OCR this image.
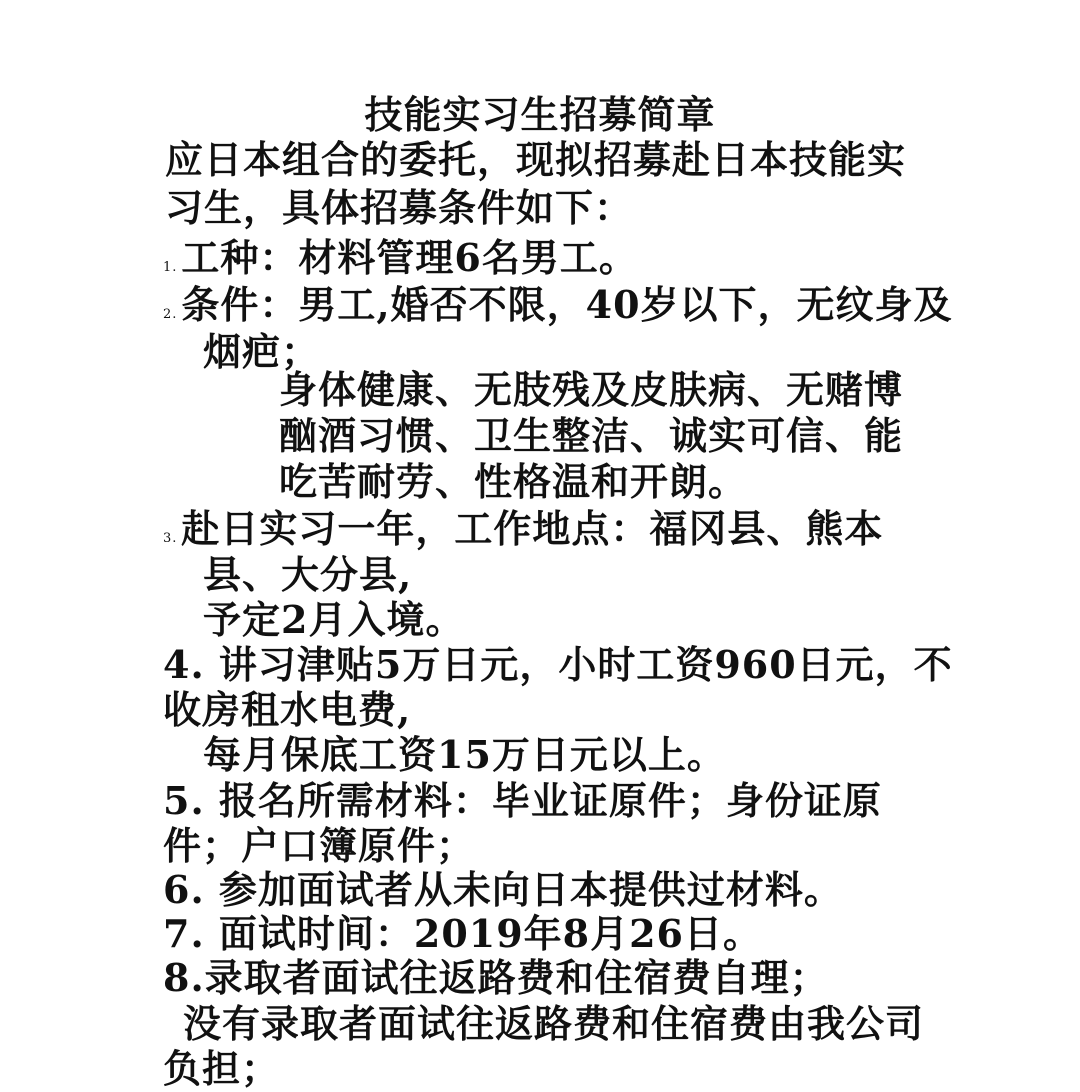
技能实习生招募简章
应日本组合的委托，现拟招募赴日本技能实
习生，具体招募条件如下：
1. 工种：材料管理6名男工。
2. 条件：男工,婚否不限，40岁以下，无纹身及
烟疤；
身体健康、无肢残及皮肤病、无赌博
酗酒习惯、卫生整洁、诚实可信、能
吃苦耐劳、性格温和开朗。
3. 赴日实习一年，工作地点：福冈县、熊本
县、大分县,
予定2月入境。
4. 讲习津贴5万日元，小时工资960日元，不
收房租水电费,
每月保底工资15万日元以上。
5. 报名所需材料：毕业证原件；身份证原
件；户口簿原件；
6. 参加面试者从未向日本提供过材料。
7. 面试时间：2019年8月26日。
8.录取者面试往返路费和住宿费自理；
没有录取者面试往返路费和住宿费由我公司
负担；
